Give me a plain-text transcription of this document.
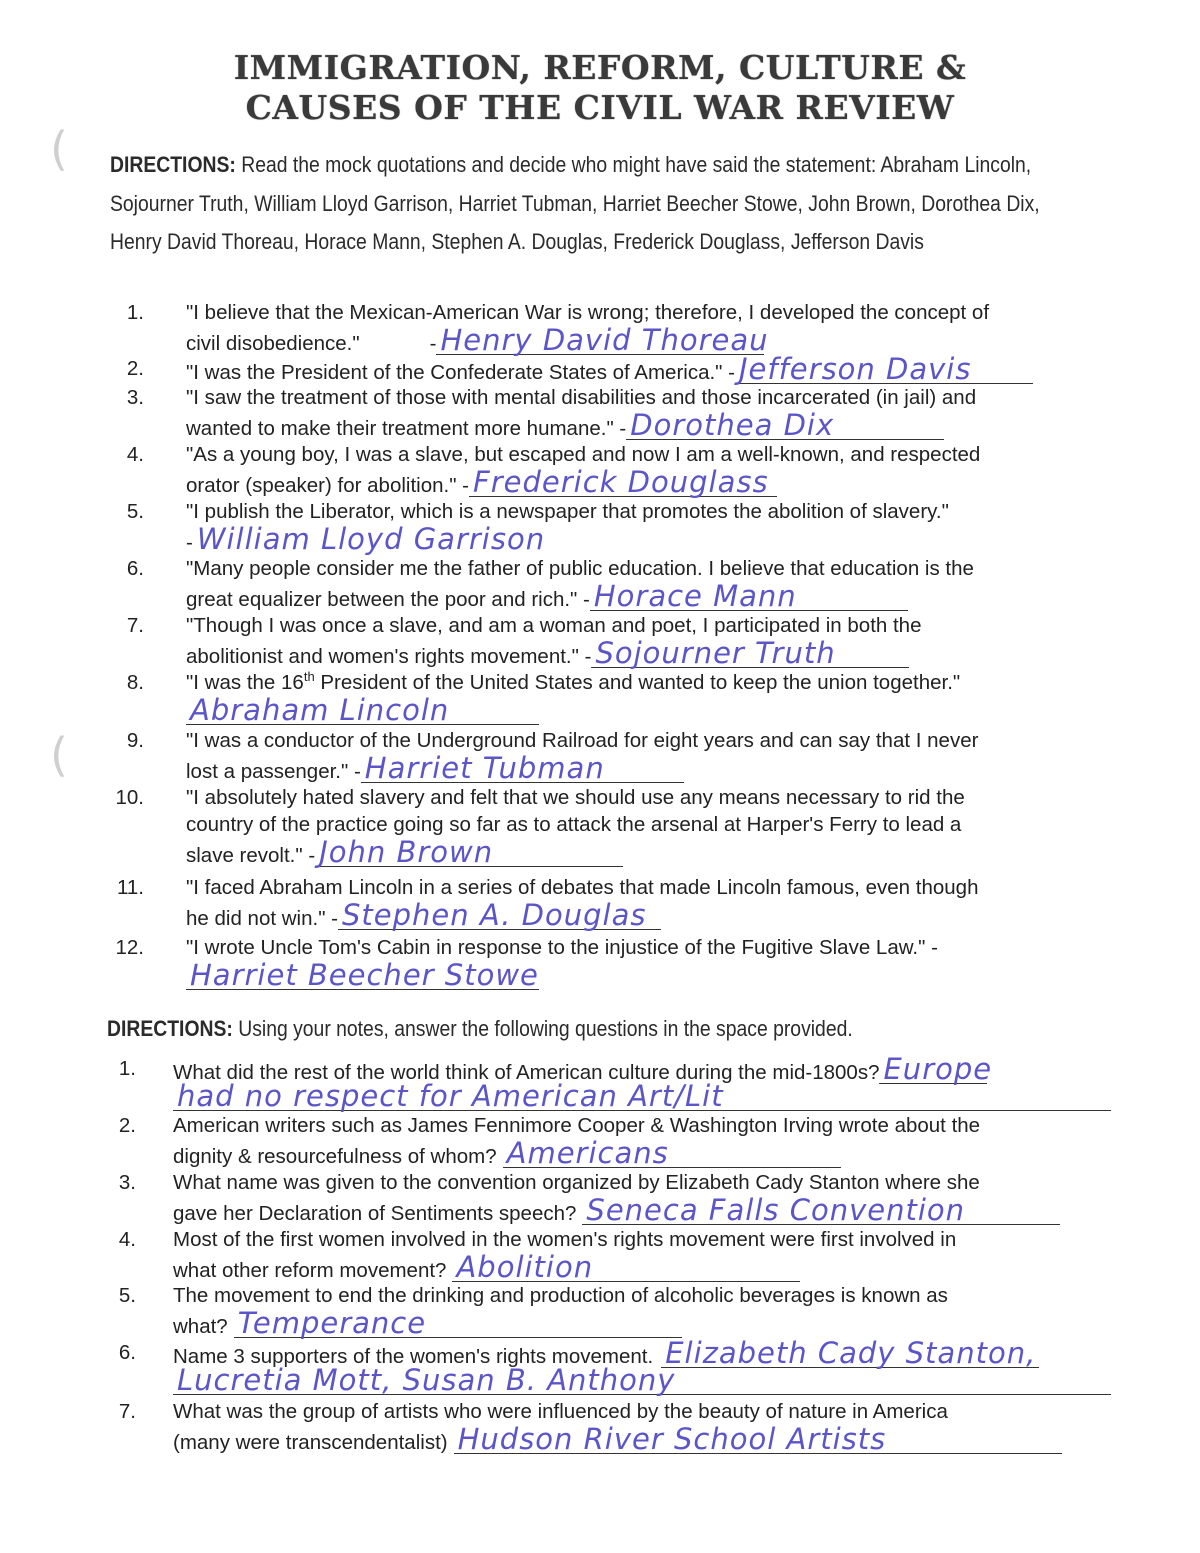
IMMIGRATION, REFORM, CULTURE &
CAUSES OF THE CIVIL WAR REVIEW
(
(
DIRECTIONS: Read the mock quotations and decide who might have said the statement: Abraham Lincoln, Sojourner Truth, William Lloyd Garrison, Harriet Tubman, Harriet Beecher Stowe, John Brown, Dorothea Dix, Henry David Thoreau, Horace Mann, Stephen A. Douglas, Frederick Douglass, Jefferson Davis
1. "I believe that the Mexican-American War is wrong; therefore, I developed the concept of
civil disobedience."	- Henry David Thoreau
2. "I was the President of the Confederate States of America." - Jefferson Davis
3. "I saw the treatment of those with mental disabilities and those incarcerated (in jail) and
wanted to make their treatment more humane." - Dorothea Dix
4. "As a young boy, I was a slave, but escaped and now I am a well-known, and respected
orator (speaker) for abolition." - Frederick Douglass
5. "I publish the Liberator, which is a newspaper that promotes the abolition of slavery."
- William Lloyd Garrison
6. "Many people consider me the father of public education. I believe that education is the
great equalizer between the poor and rich." - Horace Mann
7. "Though I was once a slave, and am a woman and poet, I participated in both the
abolitionist and women's rights movement." - Sojourner Truth
8. "I was the 16th President of the United States and wanted to keep the union together."
Abraham Lincoln
9. "I was a conductor of the Underground Railroad for eight years and can say that I never
lost a passenger." - Harriet Tubman
10. "I absolutely hated slavery and felt that we should use any means necessary to rid the
country of the practice going so far as to attack the arsenal at Harper's Ferry to lead a
slave revolt." - John Brown
11. "I faced Abraham Lincoln in a series of debates that made Lincoln famous, even though
he did not win." - Stephen A. Douglas
12. "I wrote Uncle Tom's Cabin in response to the injustice of the Fugitive Slave Law." -
Harriet Beecher Stowe
DIRECTIONS: Using your notes, answer the following questions in the space provided.
1. What did the rest of the world think of American culture during the mid-1800s? Europe
had no respect for American Art/Lit
2. American writers such as James Fennimore Cooper & Washington Irving wrote about the
dignity & resourcefulness of whom? Americans
3. What name was given to the convention organized by Elizabeth Cady Stanton where she
gave her Declaration of Sentiments speech? Seneca Falls Convention
4. Most of the first women involved in the women's rights movement were first involved in
what other reform movement? Abolition
5. The movement to end the drinking and production of alcoholic beverages is known as
what? Temperance
6. Name 3 supporters of the women's rights movement. Elizabeth Cady Stanton,
Lucretia Mott, Susan B. Anthony
7. What was the group of artists who were influenced by the beauty of nature in America
(many were transcendentalist) Hudson River School Artists
